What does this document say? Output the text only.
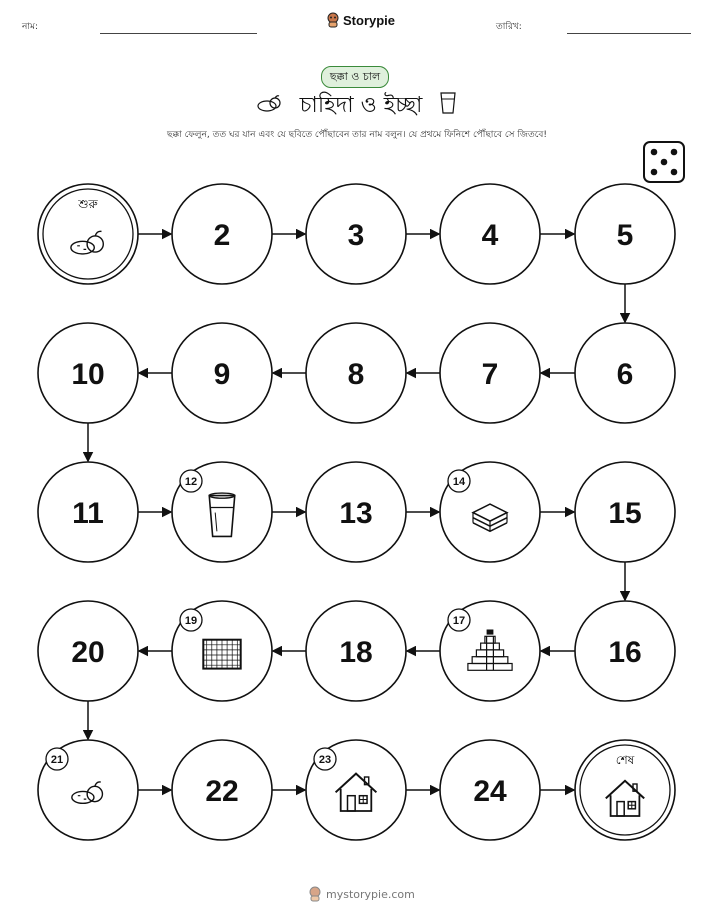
নাম:	Storypie	তারিখ:
ছক্কা ও চাল
চাহিদা ও ইচ্ছা
ছক্কা ফেলুন, তত ঘর যান এবং যে ছবিতে পৌঁছাবেন তার নাম বলুন। যে প্রথমে ফিনিশে পৌঁছাবে সে জিতবে!
শুরু
2	3	4	5
6
7
8
9
10
11
12
13
14
15
16
17
18
19
20
21
22
23
24
শেষ
mystorypie.com
